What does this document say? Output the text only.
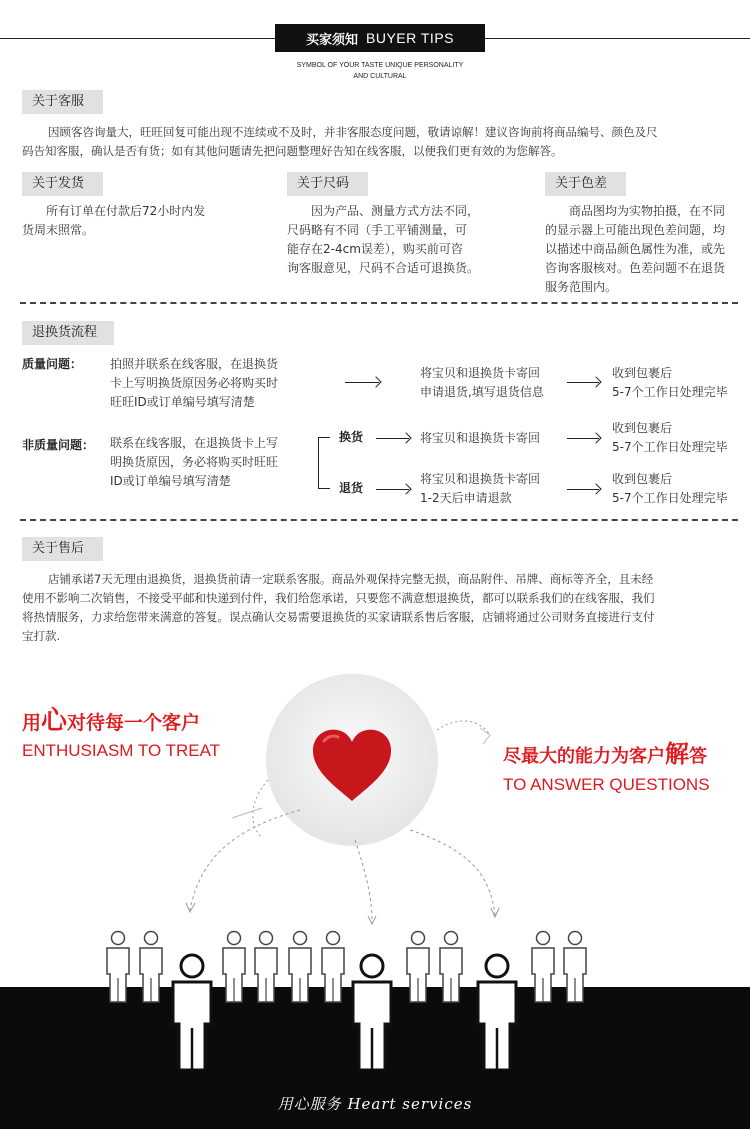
买家须知 BUYER TIPS
SYMBOL OF YOUR TASTE UNIQUE PERSONALITY
AND CULTURAL
关于客服
因顾客咨询量大，旺旺回复可能出现不连续或不及时，并非客服态度问题，敬请谅解！建议咨询前将商品编号、颜色及尺
码告知客服，确认是否有货；如有其他问题请先把问题整理好告知在线客服，以便我们更有效的为您解答。
关于发货
所有订单在付款后72小时内发
货周末照常。
关于尺码
因为产品、测量方式方法不同，
尺码略有不同（手工平铺测量，可
能存在2-4cm误差），购买前可咨
询客服意见，尺码不合适可退换货。
关于色差
商品图均为实物拍摄，在不同
的显示器上可能出现色差问题，均
以描述中商品颜色属性为准，或先
咨询客服核对。色差问题不在退货
服务范围内。
退换货流程
质量问题： 拍照并联系在线客服，在退换货
卡上写明换货原因务必将购买时
旺旺ID或订单编号填写清楚
将宝贝和退换货卡寄回
申请退货,填写退货信息
收到包裹后
5-7个工作日处理完毕
非质量问题： 联系在线客服，在退换货卡上写
明换货原因，务必将购买时旺旺
ID或订单编号填写清楚
换货	将宝贝和退换货卡寄回
收到包裹后
5-7个工作日处理完毕
退货
将宝贝和退换货卡寄回
1-2天后申请退款
收到包裹后
5-7个工作日处理完毕
关于售后
店铺承诺7天无理由退换货，退换货前请一定联系客服。商品外观保持完整无损，商品附件、吊牌、商标等齐全，且未经
使用不影响二次销售，不接受平邮和快递到付件，我们给您承诺，只要您不满意想退换货，都可以联系我们的在线客服，我们
将热情服务，力求给您带来满意的答复。误点确认交易需要退换货的买家请联系售后客服，店铺将通过公司财务直接进行支付
宝打款.
用心对待每一个客户
ENTHUSIASM TO TREAT	尽最大的能力为客户解答
TO ANSWER QUESTIONS
用心服务 Heart services
